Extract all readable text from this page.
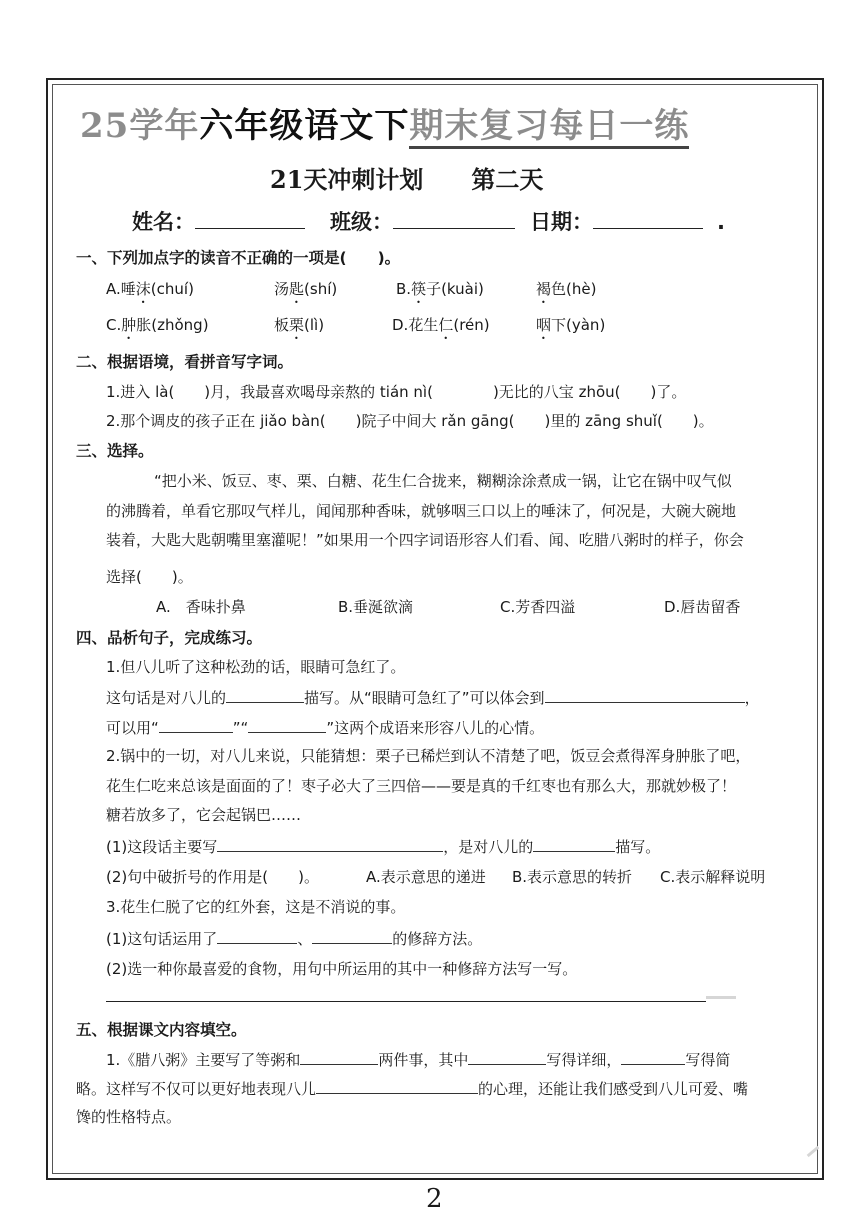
25学年六年级语文下期末复习每日一练
21天冲刺计划 第二天
姓名：	班级：	日期：	.
一、下列加点字的读音不正确的一项是(　　)。
A.唾沫(chuí)	汤匙(shí)	B.筷子(kuài)	褐色(hè)
C.肿胀(zhǒng)	板栗(lì)	D.花生仁(rén)	咽下(yàn)
二、根据语境，看拼音写字词。
1.进入 là(　　)月，我最喜欢喝母亲熬的 tián nì(　　　　)无比的八宝 zhōu(　　)了。
2.那个调皮的孩子正在 jiǎo bàn(　　)院子中间大 rǎn gāng(　　)里的 zāng shuǐ(　　)。
三、选择。
“把小米、饭豆、枣、栗、白糖、花生仁合拢来，糊糊涂涂煮成一锅，让它在锅中叹气似
的沸腾着，单看它那叹气样儿，闻闻那种香味，就够咽三口以上的唾沫了，何况是，大碗大碗地
装着，大匙大匙朝嘴里塞灌呢！”如果用一个四字词语形容人们看、闻、吃腊八粥时的样子，你会
选择(　　)。
A.　香味扑鼻	B.垂涎欲滴	C.芳香四溢	D.唇齿留香
四、品析句子，完成练习。
1.但八儿听了这种松劲的话，眼睛可急红了。
这句话是对八儿的	描写。从“眼睛可急红了”可以体会到	，
可以用“	”“	”这两个成语来形容八儿的心情。
2.锅中的一切，对八儿来说，只能猜想：栗子已稀烂到认不清楚了吧，饭豆会煮得浑身肿胀了吧，
花生仁吃来总该是面面的了！枣子必大了三四倍——要是真的千红枣也有那么大，那就妙极了！
糖若放多了，它会起锅巴……
(1)这段话主要写	，是对八儿的	描写。
(2)句中破折号的作用是(　　)。	A.表示意思的递进 B.表示意思的转折 C.表示解释说明
3.花生仁脱了它的红外套，这是不消说的事。
(1)这句话运用了	、	的修辞方法。
(2)选一种你最喜爱的食物，用句中所运用的其中一种修辞方法写一写。
五、根据课文内容填空。
1.《腊八粥》主要写了等粥和	两件事，其中	写得详细，	写得简
略。这样写不仅可以更好地表现八儿	的心理，还能让我们感受到八儿可爱、嘴
馋的性格特点。
2
